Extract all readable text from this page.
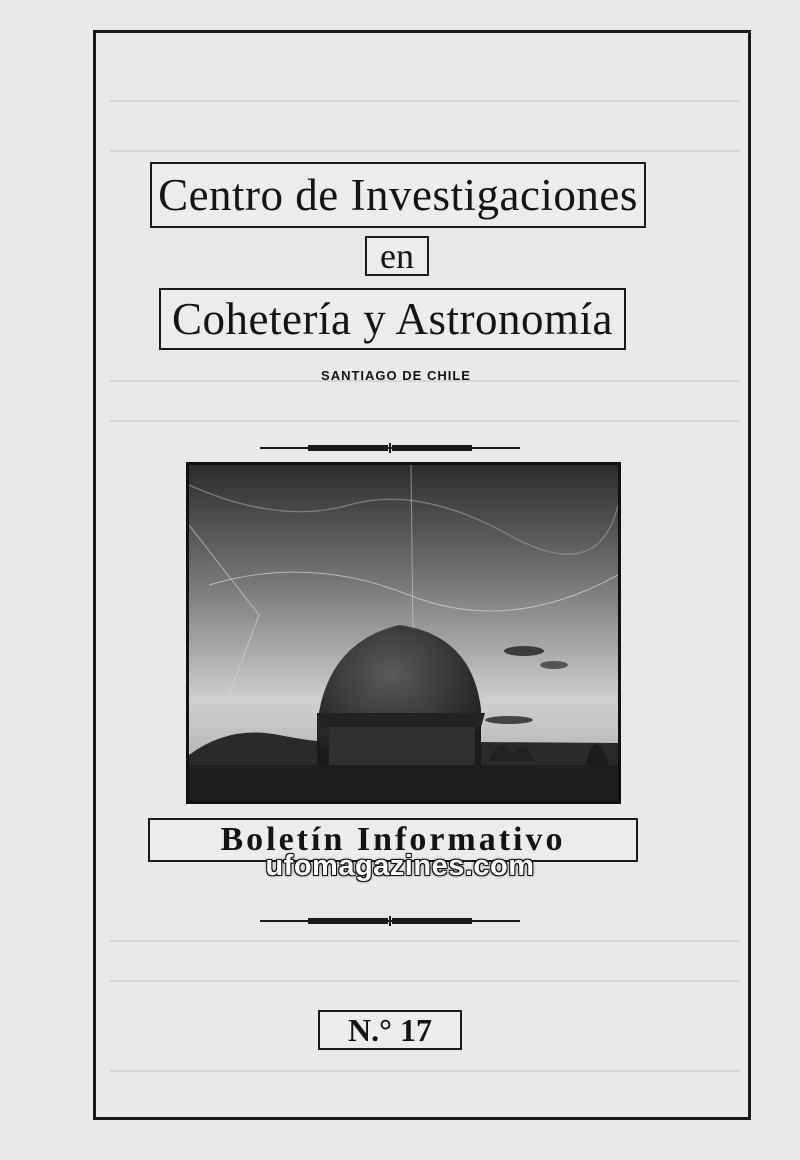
Centro de Investigaciones
en
Cohetería y Astronomía
SANTIAGO DE CHILE
Boletín Informativo
ufomagazines.com
N.° 17
